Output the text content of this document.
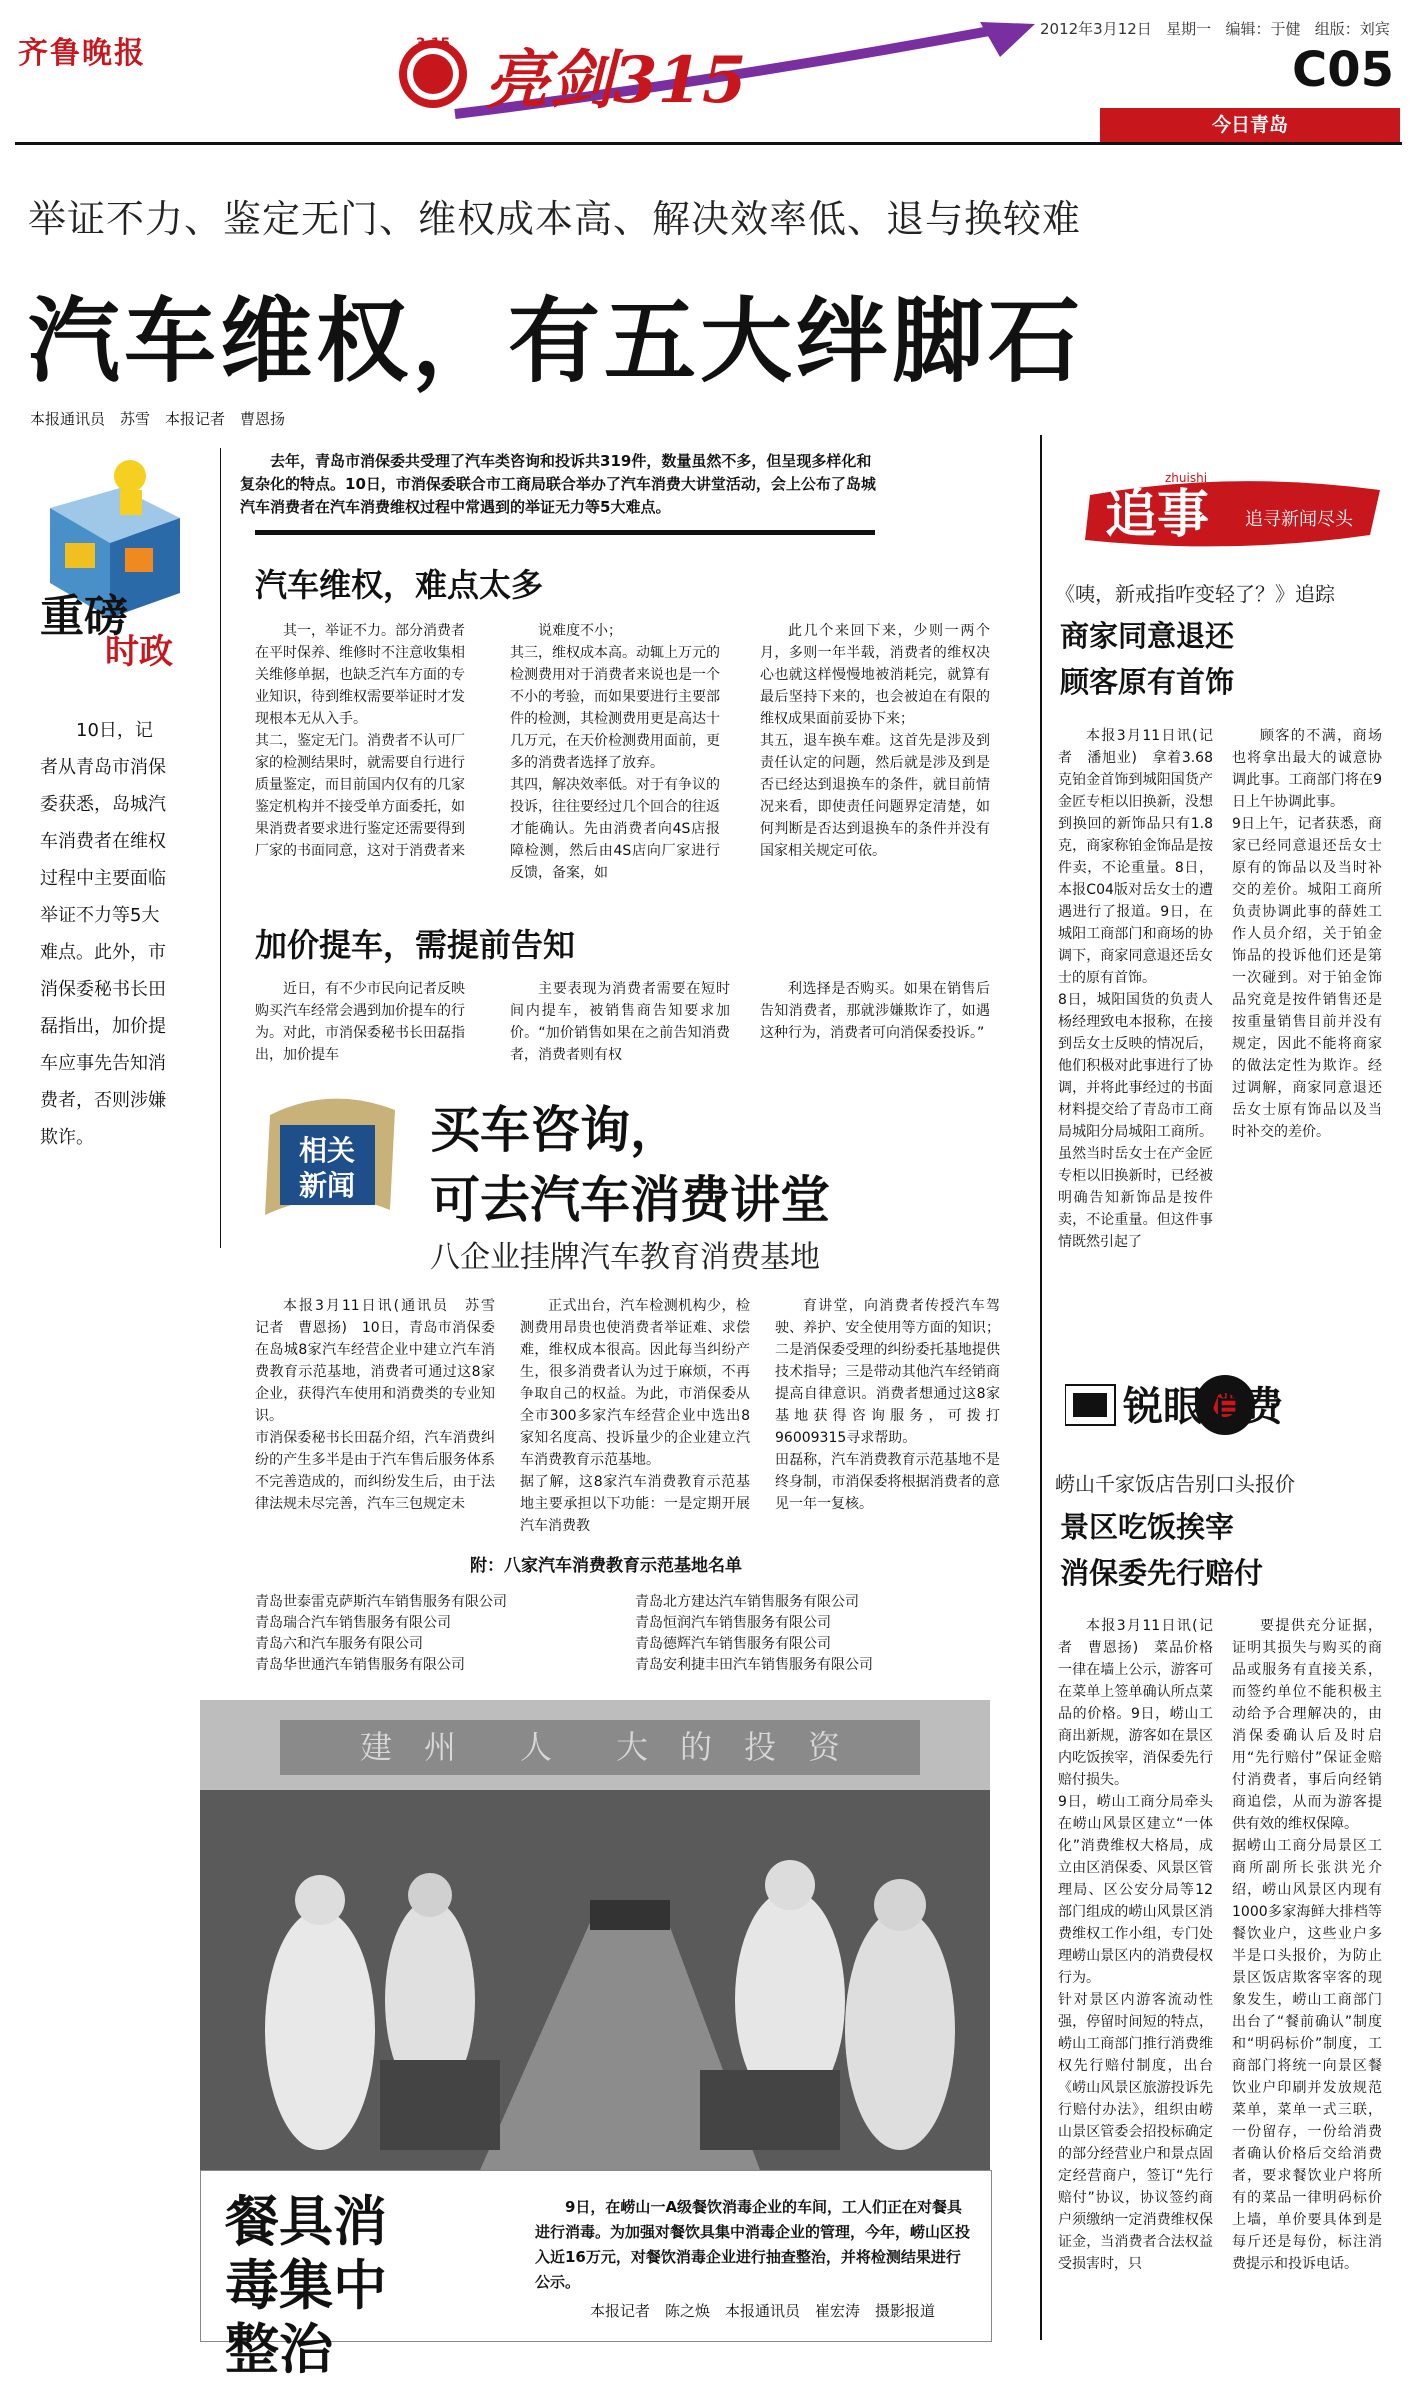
齐鲁晚报	3·15 亮剑315
2012年3月12日 星期一 编辑：于健 组版：刘宾
C05
今日青岛
举证不力、鉴定无门、维权成本高、解决效率低、退与换较难
汽车维权，有五大绊脚石
本报通讯员　苏雪　本报记者　曹恩扬
重磅
时政
10日，记者从青岛市消保委获悉，岛城汽车消费者在维权过程中主要面临举证不力等5大难点。此外，市消保委秘书长田磊指出，加价提车应事先告知消费者，否则涉嫌欺诈。
去年，青岛市消保委共受理了汽车类咨询和投诉共319件，数量虽然不多，但呈现多样化和复杂化的特点。10日，市消保委联合市工商局联合举办了汽车消费大讲堂活动，会上公布了岛城汽车消费者在汽车消费维权过程中常遇到的举证无力等5大难点。
汽车维权，难点太多

其一，举证不力。部分消费者在平时保养、维修时不注意收集相关维修单据，也缺乏汽车方面的专业知识，待到维权需要举证时才发现根本无从入手。
其二，鉴定无门。消费者不认可厂家的检测结果时，就需要自行进行质量鉴定，而目前国内仅有的几家鉴定机构并不接受单方面委托，如果消费者要求进行鉴定还需要得到厂家的书面同意，这对于消费者来

说难度不小；
其三，维权成本高。动辄上万元的检测费用对于消费者来说也是一个不小的考验，而如果要进行主要部件的检测，其检测费用更是高达十几万元，在天价检测费用面前，更多的消费者选择了放弃。
其四，解决效率低。对于有争议的投诉，往往要经过几个回合的往返才能确认。先由消费者向4S店报障检测，然后由4S店向厂家进行反馈，备案，如

此几个来回下来，少则一两个月，多则一年半载，消费者的维权决心也就这样慢慢地被消耗完，就算有最后坚持下来的，也会被迫在有限的维权成果面前妥协下来；
其五，退车换车难。这首先是涉及到责任认定的问题，然后就是涉及到是否已经达到退换车的条件，就目前情况来看，即使责任问题界定清楚，如何判断是否达到退换车的条件并没有国家相关规定可依。

加价提车，需提前告知

近日，有不少市民向记者反映购买汽车经常会遇到加价提车的行为。对此，市消保委秘书长田磊指出，加价提车

主要表现为消费者需要在短时间内提车，被销售商告知要求加价。“加价销售如果在之前告知消费者，消费者则有权

利选择是否购买。如果在销售后告知消费者，那就涉嫌欺诈了，如遇这种行为，消费者可向消保委投诉。”

相关
新闻
买车咨询，
可去汽车消费讲堂
八企业挂牌汽车教育消费基地

本报3月11日讯(通讯员　苏雪　记者　曹恩扬)　10日，青岛市消保委在岛城8家汽车经营企业中建立汽车消费教育示范基地，消费者可通过这8家企业，获得汽车使用和消费类的专业知识。
市消保委秘书长田磊介绍，汽车消费纠纷的产生多半是由于汽车售后服务体系不完善造成的，而纠纷发生后，由于法律法规未尽完善，汽车三包规定未

正式出台，汽车检测机构少，检测费用昂贵也使消费者举证难、求偿难，维权成本很高。因此每当纠纷产生，很多消费者认为过于麻烦，不再争取自己的权益。为此，市消保委从全市300多家汽车经营企业中选出8家知名度高、投诉量少的企业建立汽车消费教育示范基地。
据了解，这8家汽车消费教育示范基地主要承担以下功能：一是定期开展汽车消费教

育讲堂，向消费者传授汽车驾驶、养护、安全使用等方面的知识；二是消保委受理的纠纷委托基地提供技术指导；三是带动其他汽车经销商提高自律意识。消费者想通过这8家基地获得咨询服务，可拨打96009315寻求帮助。
田磊称，汽车消费教育示范基地不是终身制，市消保委将根据消费者的意见一年一复核。

附：八家汽车消费教育示范基地名单
青岛世泰雷克萨斯汽车销售服务有限公司
青岛瑞合汽车销售服务有限公司
青岛六和汽车服务有限公司
青岛华世通汽车销售服务有限公司
青岛北方建达汽车销售服务有限公司
青岛恒润汽车销售服务有限公司
青岛德辉汽车销售服务有限公司
青岛安利捷丰田汽车销售服务有限公司
建　州　　人　　大　的　投　资
餐具消毒集中整治
9日，在崂山一A级餐饮消毒企业的车间，工人们正在对餐具进行消毒。为加强对餐饮具集中消毒企业的管理，今年，崂山区投入近16万元，对餐饮消毒企业进行抽查整治，并将检测结果进行公示。
本报记者　陈之焕　本报通讯员　崔宏涛　摄影报道
追事
zhuishi
追寻新闻尽头
《咦，新戒指咋变轻了？》追踪
商家同意退还
顾客原有首饰

本报3月11日讯(记者　潘旭业)　拿着3.68克铂金首饰到城阳国货产金匠专柜以旧换新，没想到换回的新饰品只有1.8克，商家称铂金饰品是按件卖，不论重量。8日，本报C04版对岳女士的遭遇进行了报道。9日，在城阳工商部门和商场的协调下，商家同意退还岳女士的原有首饰。
8日，城阳国货的负责人杨经理致电本报称，在接到岳女士反映的情况后，他们积极对此事进行了协调，并将此事经过的书面材料提交给了青岛市工商局城阳分局城阳工商所。虽然当时岳女士在产金匠专柜以旧换新时，已经被明确告知新饰品是按件卖，不论重量。但这件事情既然引起了

顾客的不满，商场也将拿出最大的诚意协调此事。工商部门将在9日上午协调此事。
9日上午，记者获悉，商家已经同意退还岳女士原有的饰品以及当时补交的差价。城阳工商所负责协调此事的薛姓工作人员介绍，关于铂金饰品的投诉他们还是第一次碰到。对于铂金饰品究竟是按件销售还是按重量销售目前并没有规定，因此不能将商家的做法定性为欺诈。经过调解，商家同意退还岳女士原有饰品以及当时补交的差价。

锐眼消费
崂山千家饭店告别口头报价
景区吃饭挨宰
消保委先行赔付

本报3月11日讯(记者　曹恩扬)　菜品价格一律在墙上公示，游客可在菜单上签单确认所点菜品的价格。9日，崂山工商出新规，游客如在景区内吃饭挨宰，消保委先行赔付损失。
9日，崂山工商分局牵头在崂山风景区建立“一体化”消费维权大格局，成立由区消保委、风景区管理局、区公安分局等12部门组成的崂山风景区消费维权工作小组，专门处理崂山景区内的消费侵权行为。
针对景区内游客流动性强，停留时间短的特点，崂山工商部门推行消费维权先行赔付制度，出台《崂山风景区旅游投诉先行赔付办法》，组织由崂山景区管委会招投标确定的部分经营业户和景点固定经营商户，签订“先行赔付”协议，协议签约商户须缴纳一定消费维权保证金，当消费者合法权益受损害时，只

要提供充分证据，证明其损失与购买的商品或服务有直接关系，而签约单位不能积极主动给予合理解决的，由消保委确认后及时启用“先行赔付”保证金赔付消费者，事后向经销商追偿，从而为游客提供有效的维权保障。
据崂山工商分局景区工商所副所长张洪光介绍，崂山风景区内现有1000多家海鲜大排档等餐饮业户，这些业户多半是口头报价，为防止景区饭店欺客宰客的现象发生，崂山工商部门出台了“餐前确认”制度和“明码标价”制度，工商部门将统一向景区餐饮业户印刷并发放规范菜单，菜单一式三联，一份留存，一份给消费者确认价格后交给消费者，要求餐饮业户将所有的菜品一律明码标价上墙，单价要具体到是每斤还是每份，标注消费提示和投诉电话。
